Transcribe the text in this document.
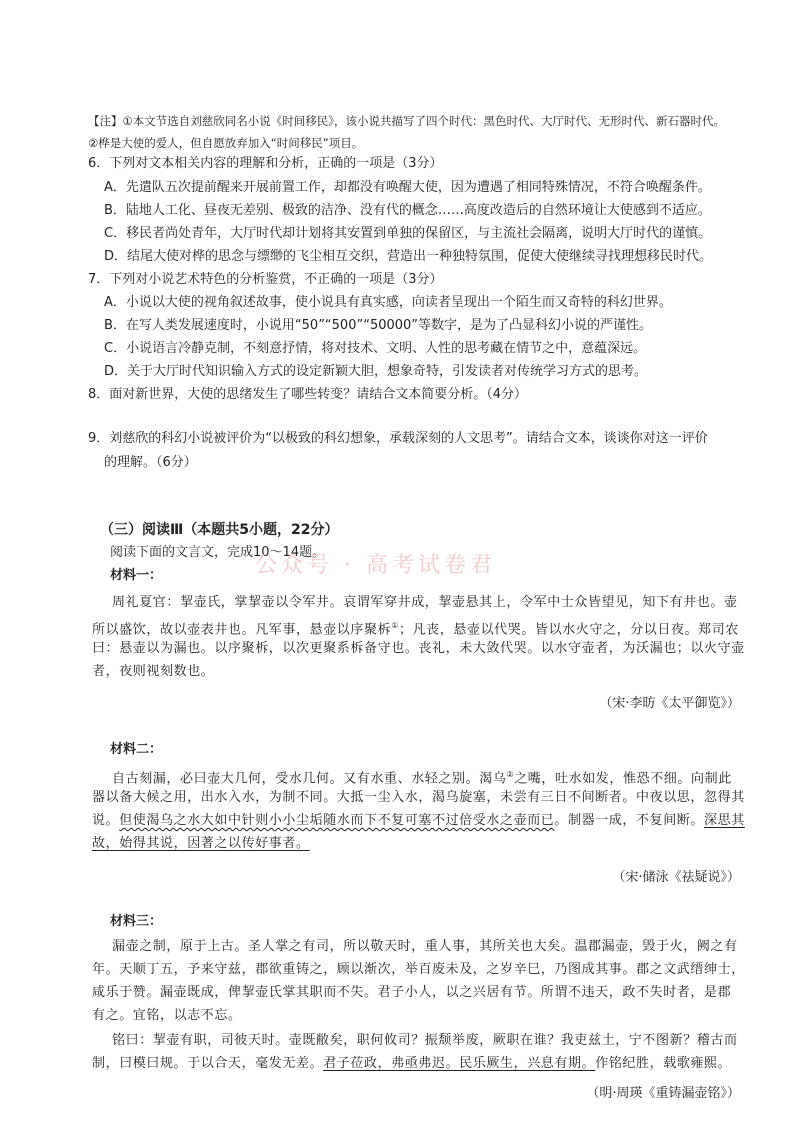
【注】①本文节选自刘慈欣同名小说《时间移民》，该小说共描写了四个时代：黑色时代、大厅时代、无形时代、新石器时代。
②桦是大使的爱人，但自愿放弃加入“时间移民”项目。
6．下列对文本相关内容的理解和分析，正确的一项是（3分）
A．先遣队五次提前醒来开展前置工作，却都没有唤醒大使，因为遭遇了相同特殊情况，不符合唤醒条件。
B．陆地人工化、昼夜无差别、极致的洁净、没有代的概念……高度改造后的自然环境让大使感到不适应。
C．移民者尚处青年，大厅时代却计划将其安置到单独的保留区，与主流社会隔离，说明大厅时代的谨慎。
D．结尾大使对桦的思念与缥缈的飞尘相互交织，营造出一种独特氛围，促使大使继续寻找理想移民时代。
7．下列对小说艺术特色的分析鉴赏，不正确的一项是（3分）
A．小说以大使的视角叙述故事，使小说具有真实感，向读者呈现出一个陌生而又奇特的科幻世界。
B．在写人类发展速度时，小说用“50”“500”“50000”等数字，是为了凸显科幻小说的严谨性。
C．小说语言冷静克制，不刻意抒情，将对技术、文明、人性的思考藏在情节之中，意蕴深远。
D．关于大厅时代知识输入方式的设定新颖大胆，想象奇特，引发读者对传统学习方式的思考。
8．面对新世界，大使的思绪发生了哪些转变？请结合文本简要分析。（4分）
9．刘慈欣的科幻小说被评价为“以极致的科幻想象，承载深刻的人文思考”。请结合文本，谈谈你对这一评价
的理解。（6分）
（三）阅读Ⅲ（本题共5小题，22分）
阅读下面的文言文，完成10～14题。
公众号 · 高考试卷君
材料一：
周礼夏官：挈壶氏，掌挈壶以令军井。哀谓军穿井成，挈壶悬其上，令军中士众皆望见，知下有井也。壶
所以盛饮，故以壶表井也。凡军事，悬壶以序聚柝①；凡丧，悬壶以代哭。皆以水火守之，分以日夜。郑司农
曰：悬壶以为漏也。以序聚柝，以次更聚系柝备守也。丧礼，未大敛代哭。以水守壶者，为沃漏也；以火守壶
者，夜则视刻数也。
（宋·李昉《太平御览》）
材料二：
自古刻漏，必曰壶大几何，受水几何。又有水重、水轻之别。渴乌②之嘴，吐水如发，惟恐不细。向制此
器以备大候之用，出水入水，为制不同。大抵一尘入水，渴乌旋塞，未尝有三日不间断者。中夜以思，忽得其
说。但使渴乌之水大如中针则小小尘垢随水而下不复可塞不过倍受水之壶而已。制器一成，不复间断。深思其
故，始得其说，因著之以传好事者。
（宋·储泳《祛疑说》）
材料三：
漏壶之制，原于上古。圣人掌之有司，所以敬天时，重人事，其所关也大矣。温郡漏壶，毁于火，阙之有
年。天顺丁五，予来守兹，郡欲重铸之，顾以渐次，举百废未及，之岁辛巳，乃图成其事。郡之文武缙绅士，
咸乐于赞。漏壶既成，俾挈壶氏掌其职而不失。君子小人，以之兴居有节。所谓不违天，政不失时者，是郡
有之。宜铭，以志不忘。
铭曰：挈壶有职，司彼天时。壶既敝矣，职何攸司？振颓举废，厥职在谁？我吏兹土，宁不图新？稽古而
制，曰模曰规。于以合天，毫发无差。君子莅政，弗亟弗迟。民乐厥生，兴息有期。作铭纪胜，载歌雍熙。
（明·周瑛《重铸漏壶铭》）
